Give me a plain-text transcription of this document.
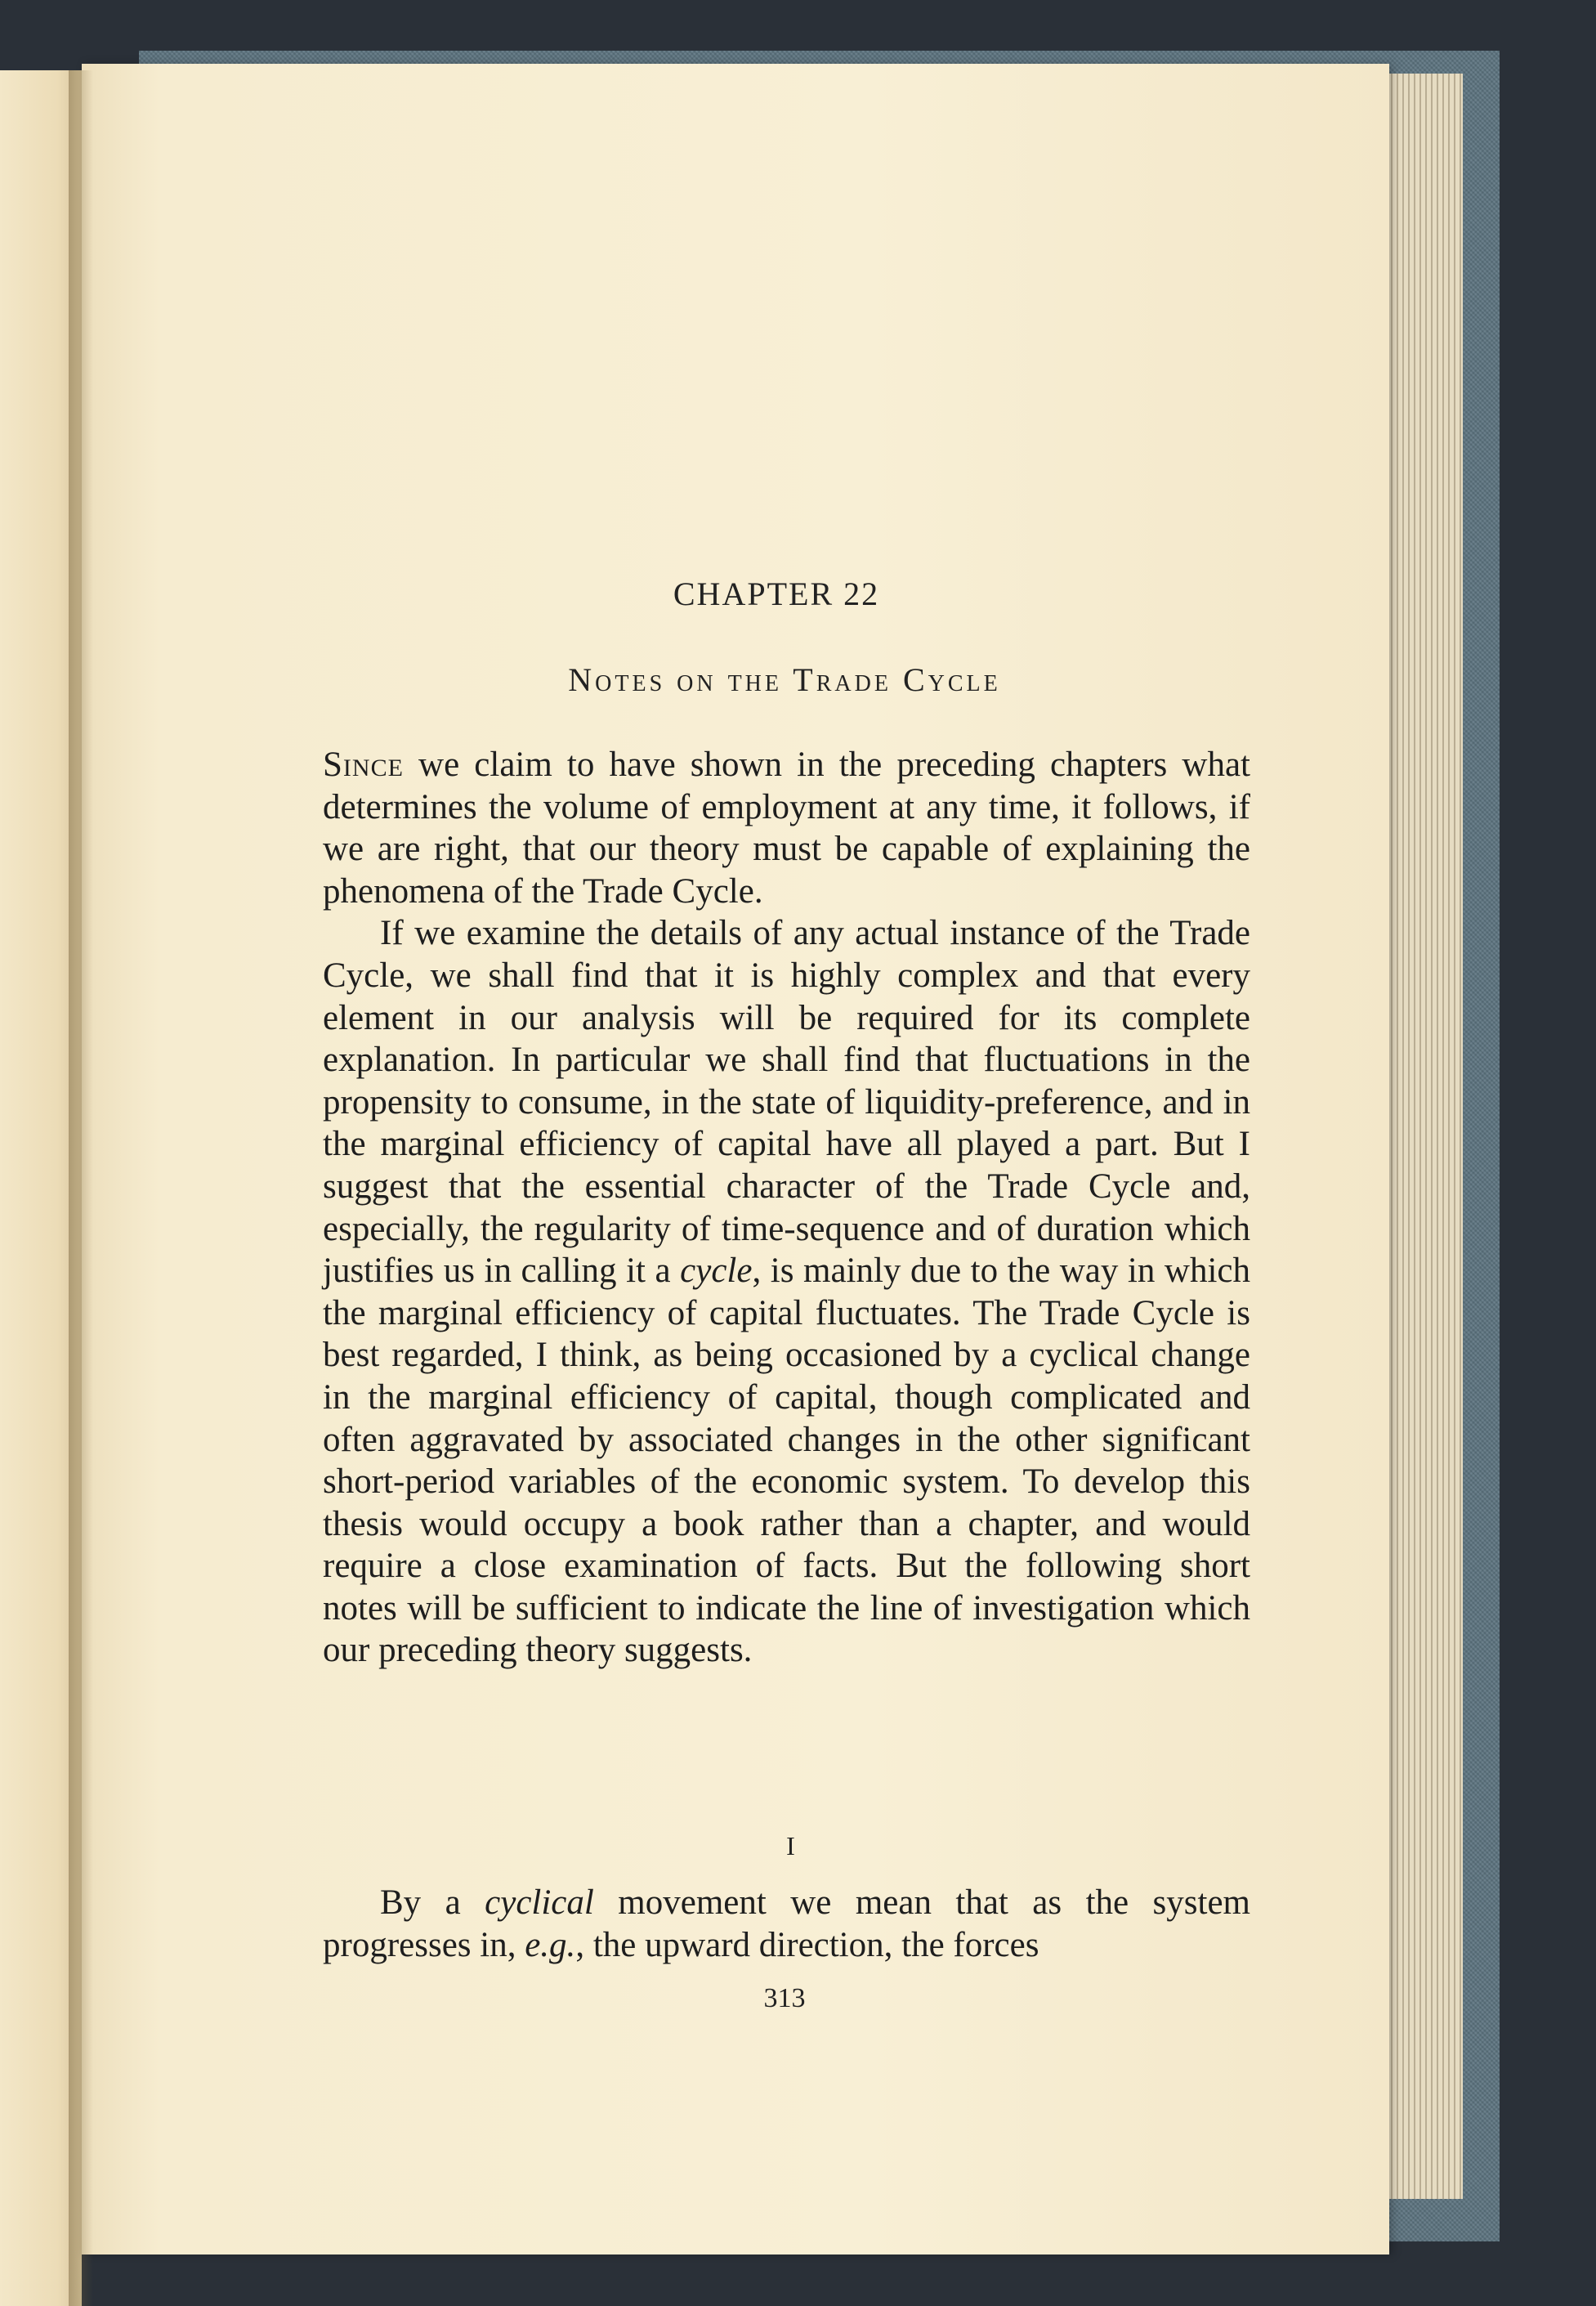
CHAPTER 22
Notes on the Trade Cycle

Since we claim to have shown in the preceding chapters what determines the volume of employment at any time, it follows, if we are right, that our theory must be capable of explaining the phenomena of the Trade Cycle.

If we examine the details of any actual instance of the Trade Cycle, we shall find that it is highly complex and that every element in our analysis will be required for its complete explanation. In particular we shall find that fluctuations in the propensity to consume, in the state of liquidity-preference, and in the marginal efficiency of capital have all played a part. But I suggest that the essential character of the Trade Cycle and, especially, the regularity of time-sequence and of duration which justifies us in calling it a cycle, is mainly due to the way in which the marginal efficiency of capital fluctuates. The Trade Cycle is best regarded, I think, as being occasioned by a cyclical change in the marginal efficiency of capital, though complicated and often aggravated by associated changes in the other significant short-period variables of the economic system. To develop this thesis would occupy a book rather than a chapter, and would require a close examination of facts. But the following short notes will be sufficient to indicate the line of investigation which our preceding theory suggests.

I

By a cyclical movement we mean that as the system progresses in, e.g., the upward direction, the forces

313
